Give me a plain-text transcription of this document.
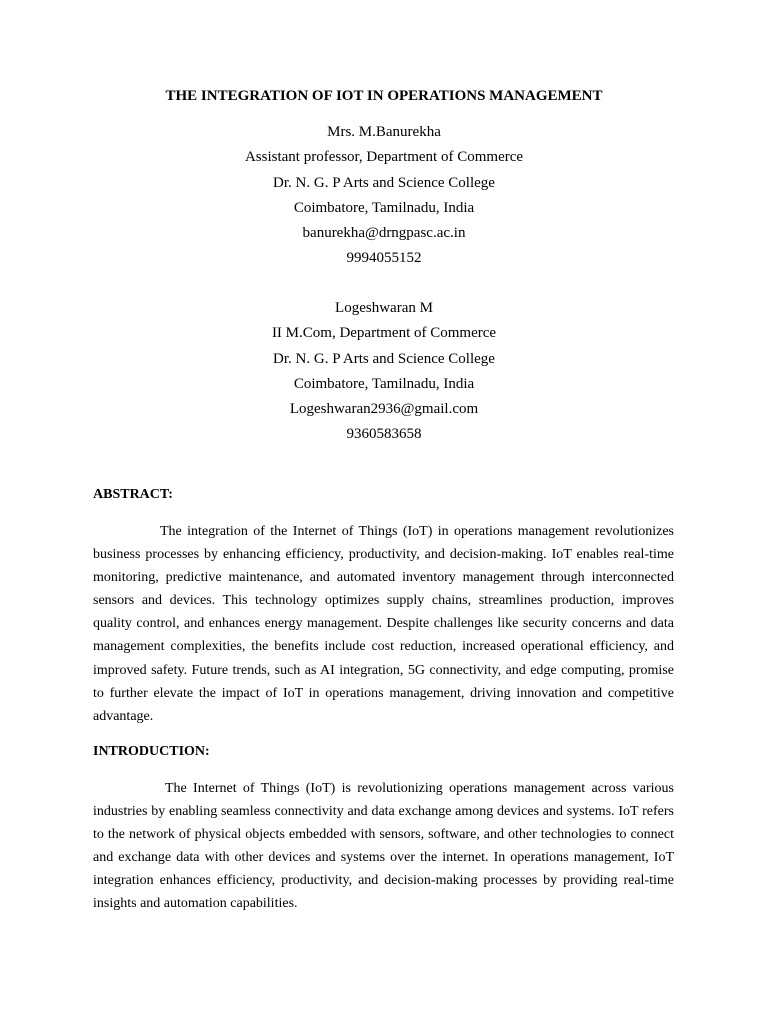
THE INTEGRATION OF IOT IN OPERATIONS MANAGEMENT
Mrs. M.Banurekha
Assistant professor, Department of Commerce
Dr. N. G. P Arts and Science College
Coimbatore, Tamilnadu, India
banurekha@drngpasc.ac.in
9994055152
Logeshwaran M
II M.Com, Department of Commerce
Dr. N. G. P Arts and Science College
Coimbatore, Tamilnadu, India
Logeshwaran2936@gmail.com
9360583658
ABSTRACT:
The integration of the Internet of Things (IoT) in operations management revolutionizes business processes by enhancing efficiency, productivity, and decision-making. IoT enables real-time monitoring, predictive maintenance, and automated inventory management through interconnected sensors and devices. This technology optimizes supply chains, streamlines production, improves quality control, and enhances energy management. Despite challenges like security concerns and data management complexities, the benefits include cost reduction, increased operational efficiency, and improved safety. Future trends, such as AI integration, 5G connectivity, and edge computing, promise to further elevate the impact of IoT in operations management, driving innovation and competitive advantage.
INTRODUCTION:
The Internet of Things (IoT) is revolutionizing operations management across various industries by enabling seamless connectivity and data exchange among devices and systems. IoT refers to the network of physical objects embedded with sensors, software, and other technologies to connect and exchange data with other devices and systems over the internet. In operations management, IoT integration enhances efficiency, productivity, and decision-making processes by providing real-time insights and automation capabilities.
